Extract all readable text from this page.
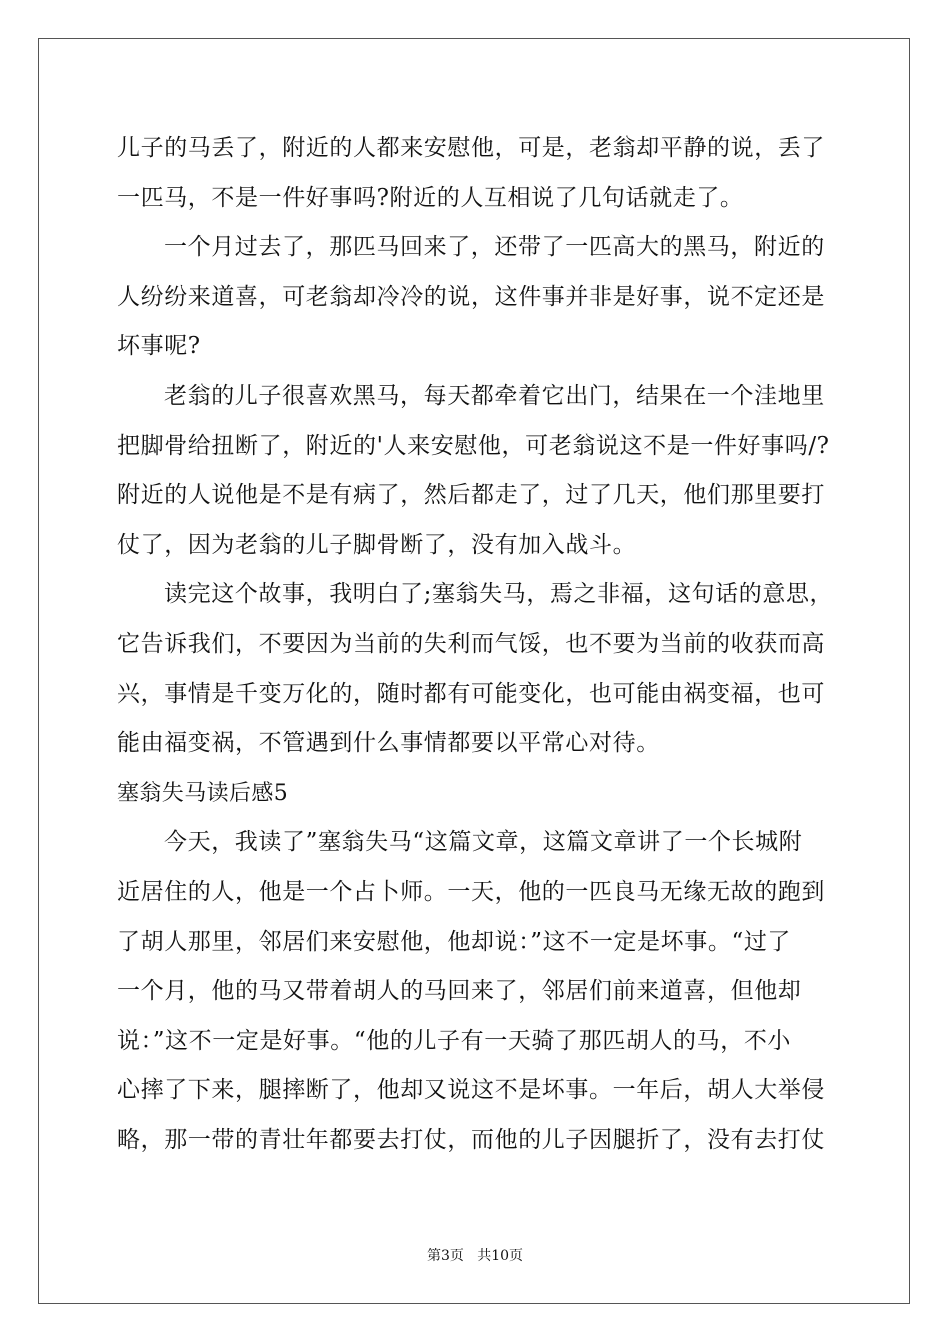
儿子的马丢了，附近的人都来安慰他，可是，老翁却平静的说，丢了
一匹马，不是一件好事吗?附近的人互相说了几句话就走了。
一个月过去了，那匹马回来了，还带了一匹高大的黑马，附近的
人纷纷来道喜，可老翁却冷冷的说，这件事并非是好事，说不定还是
坏事呢?
老翁的儿子很喜欢黑马，每天都牵着它出门，结果在一个洼地里
把脚骨给扭断了，附近的'人来安慰他，可老翁说这不是一件好事吗/?
附近的人说他是不是有病了，然后都走了，过了几天，他们那里要打
仗了，因为老翁的儿子脚骨断了，没有加入战斗。
读完这个故事，我明白了;塞翁失马，焉之非福，这句话的意思，
它告诉我们，不要因为当前的失利而气馁，也不要为当前的收获而高
兴，事情是千变万化的，随时都有可能变化，也可能由祸变福，也可
能由福变祸，不管遇到什么事情都要以平常心对待。
塞翁失马读后感5
今天，我读了”塞翁失马“这篇文章，这篇文章讲了一个长城附
近居住的人，他是一个占卜师。一天，他的一匹良马无缘无故的跑到
了胡人那里，邻居们来安慰他，他却说：”这不一定是坏事。“过了
一个月，他的马又带着胡人的马回来了，邻居们前来道喜，但他却
说：”这不一定是好事。“他的儿子有一天骑了那匹胡人的马，不小
心摔了下来，腿摔断了，他却又说这不是坏事。一年后，胡人大举侵
略，那一带的青壮年都要去打仗，而他的儿子因腿折了，没有去打仗
第3页   共10页
